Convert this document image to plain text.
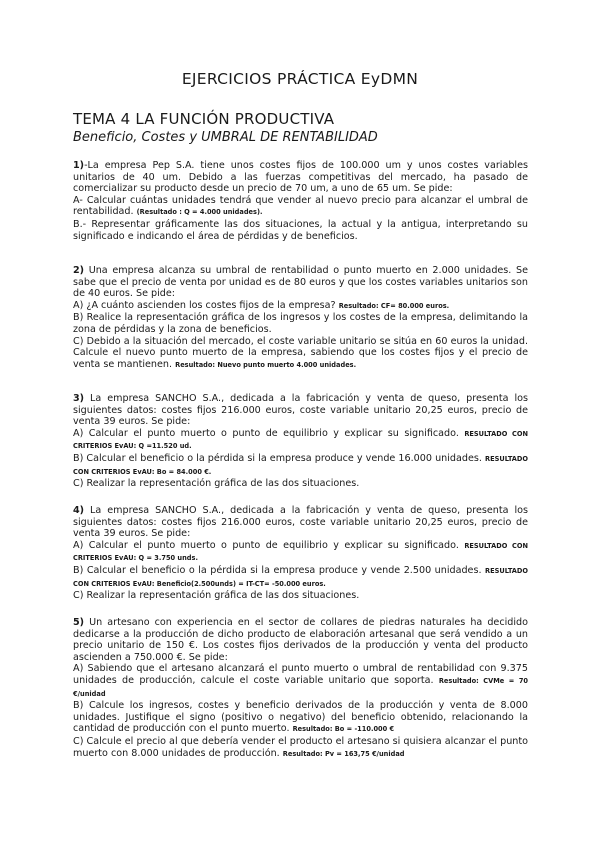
EJERCICIOS PRÁCTICA EyDMN
TEMA 4 LA FUNCIÓN PRODUCTIVA
Beneficio, Costes y UMBRAL DE RENTABILIDAD

1)-La empresa Pep S.A. tiene unos costes fijos de 100.000 um y unos costes variables unitarios de 40 um. Debido a las fuerzas competitivas del mercado, ha pasado de comercializar su producto desde un precio de 70 um, a uno de 65 um. Se pide:

A- Calcular cuántas unidades tendrá que vender al nuevo precio para alcanzar el umbral de rentabilidad. (Resultado : Q = 4.000 unidades).

B.- Representar gráficamente las dos situaciones, la actual y la antigua, interpretando su significado e indicando el área de pérdidas y de beneficios.

2) Una empresa alcanza su umbral de rentabilidad o punto muerto en 2.000 unidades. Se sabe que el precio de venta por unidad es de 80 euros y que los costes variables unitarios son de 40 euros. Se pide:

A) ¿A cuánto ascienden los costes fijos de la empresa? Resultado: CF= 80.000 euros.

B) Realice la representación gráfica de los ingresos y los costes de la empresa, delimitando la zona de pérdidas y la zona de beneficios.

C) Debido a la situación del mercado, el coste variable unitario se sitúa en 60 euros la unidad. Calcule el nuevo punto muerto de la empresa, sabiendo que los costes fijos y el precio de venta se mantienen. Resultado: Nuevo punto muerto 4.000 unidades.

3) La empresa SANCHO S.A., dedicada a la fabricación y venta de queso, presenta los siguientes datos: costes fijos 216.000 euros, coste variable unitario 20,25 euros, precio de venta 39 euros. Se pide:

A) Calcular el punto muerto o punto de equilibrio y explicar su significado. RESULTADO CON CRITERIOS EvAU: Q =11.520 ud.

B) Calcular el beneficio o la pérdida si la empresa produce y vende 16.000 unidades. RESULTADO CON CRITERIOS EvAU: Bo = 84.000 €.

C) Realizar la representación gráfica de las dos situaciones.

4) La empresa SANCHO S.A., dedicada a la fabricación y venta de queso, presenta los siguientes datos: costes fijos 216.000 euros, coste variable unitario 20,25 euros, precio de venta 39 euros. Se pide:

A) Calcular el punto muerto o punto de equilibrio y explicar su significado. RESULTADO CON CRITERIOS EvAU: Q = 3.750 unds.

B) Calcular el beneficio o la pérdida si la empresa produce y vende 2.500 unidades. RESULTADO CON CRITERIOS EvAU: Beneficio(2.500unds) = IT-CT= -50.000 euros.

C) Realizar la representación gráfica de las dos situaciones.

5) Un artesano con experiencia en el sector de collares de piedras naturales ha decidido dedicarse a la producción de dicho producto de elaboración artesanal que será vendido a un precio unitario de 150 €. Los costes fijos derivados de la producción y venta del producto ascienden a 750.000 €. Se pide:

A) Sabiendo que el artesano alcanzará el punto muerto o umbral de rentabilidad con 9.375 unidades de producción, calcule el coste variable unitario que soporta. Resultado: CVMe = 70 €/unidad

B) Calcule los ingresos, costes y beneficio derivados de la producción y venta de 8.000 unidades. Justifique el signo (positivo o negativo) del beneficio obtenido, relacionando la cantidad de producción con el punto muerto. Resultado: Bo = -110.000 €

C) Calcule el precio al que debería vender el producto el artesano si quisiera alcanzar el punto muerto con 8.000 unidades de producción. Resultado: Pv = 163,75 €/unidad
